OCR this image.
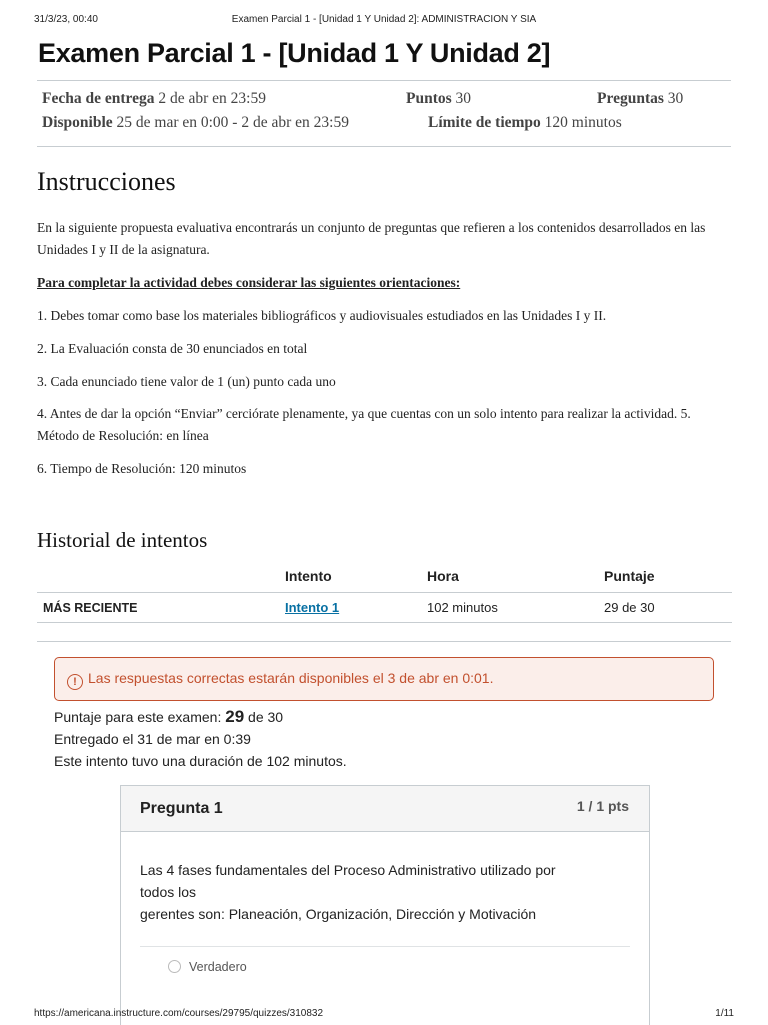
31/3/23, 00:40	Examen Parcial 1 - [Unidad 1 Y Unidad 2]: ADMINISTRACION Y SIA
Examen Parcial 1 - [Unidad 1 Y Unidad 2]
Fecha de entrega 2 de abr en 23:59	Puntos 30	Preguntas 30
Disponible 25 de mar en 0:00 - 2 de abr en 23:59	Límite de tiempo 120 minutos
Instrucciones

En la siguiente propuesta evaluativa encontrarás un conjunto de preguntas que refieren a los contenidos desarrollados en las Unidades I y II de la asignatura.

Para completar la actividad debes considerar las siguientes orientaciones:

1. Debes tomar como base los materiales bibliográficos y audiovisuales estudiados en las Unidades I y II.

2. La Evaluación consta de 30 enunciados en total

3. Cada enunciado tiene valor de 1 (un) punto cada uno

4. Antes de dar la opción “Enviar” cerciórate plenamente, ya que cuentas con un solo intento para realizar la actividad. 5. Método de Resolución: en línea

6. Tiempo de Resolución: 120 minutos

Historial de intentos
	Intento	Hora	Puntaje
MÁS RECIENTE	Intento 1	102 minutos	29 de 30
! Las respuestas correctas estarán disponibles el 3 de abr en 0:01.
Puntaje para este examen: 29 de 30
Entregado el 31 de mar en 0:39
Este intento tuvo una duración de 102 minutos.
Pregunta 1	1 / 1 pts

Las 4 fases fundamentales del Proceso Administrativo utilizado por

todos los

gerentes son: Planeación, Organización, Dirección y Motivación

Verdadero
https://americana.instructure.com/courses/29795/quizzes/310832	1/11
